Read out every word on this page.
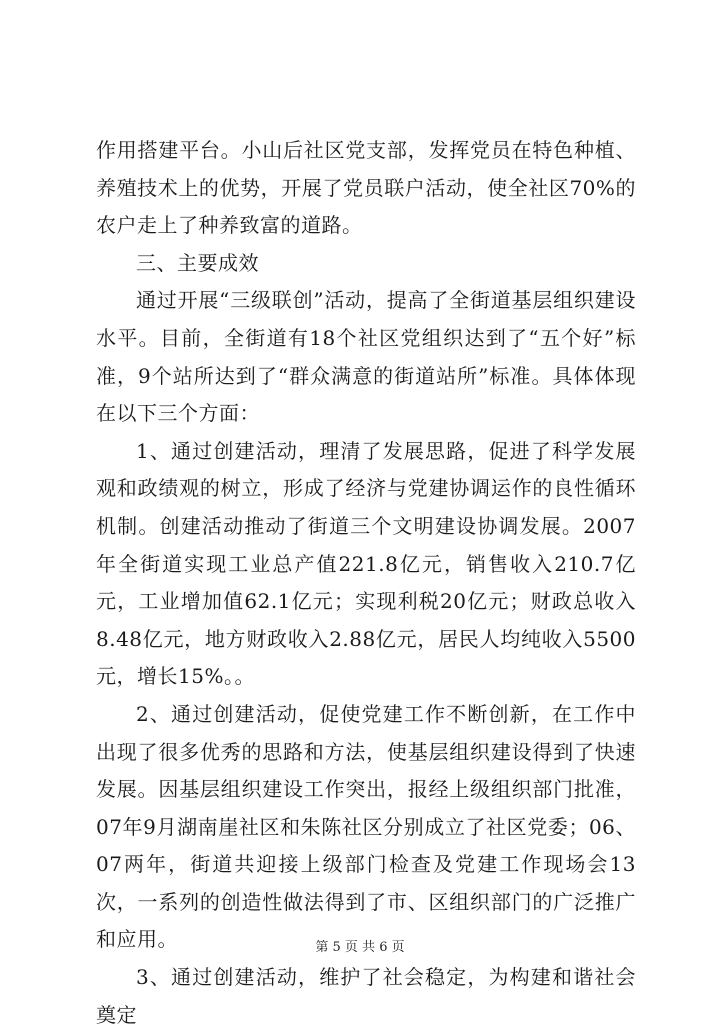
作用搭建平台。小山后社区党支部，发挥党员在特色种植、养殖技术上的优势，开展了党员联户活动，使全社区70%的农户走上了种养致富的道路。

三、主要成效

通过开展“三级联创”活动，提高了全街道基层组织建设水平。目前，全街道有18个社区党组织达到了“五个好”标准，9个站所达到了“群众满意的街道站所”标准。具体体现在以下三个方面：

1、通过创建活动，理清了发展思路，促进了科学发展观和政绩观的树立，形成了经济与党建协调运作的良性循环机制。创建活动推动了街道三个文明建设协调发展。2007年全街道实现工业总产值221.8亿元，销售收入210.7亿元，工业增加值62.1亿元；实现利税20亿元；财政总收入8.48亿元，地方财政收入2.88亿元，居民人均纯收入5500元，增长15%。。

2、通过创建活动，促使党建工作不断创新，在工作中出现了很多优秀的思路和方法，使基层组织建设得到了快速发展。因基层组织建设工作突出，报经上级组织部门批准，07年9月湖南崖社区和朱陈社区分别成立了社区党委；06、07两年，街道共迎接上级部门检查及党建工作现场会13次，一系列的创造性做法得到了市、区组织部门的广泛推广和应用。

3、通过创建活动，维护了社会稳定，为构建和谐社会奠定

第 5 页 共 6 页
